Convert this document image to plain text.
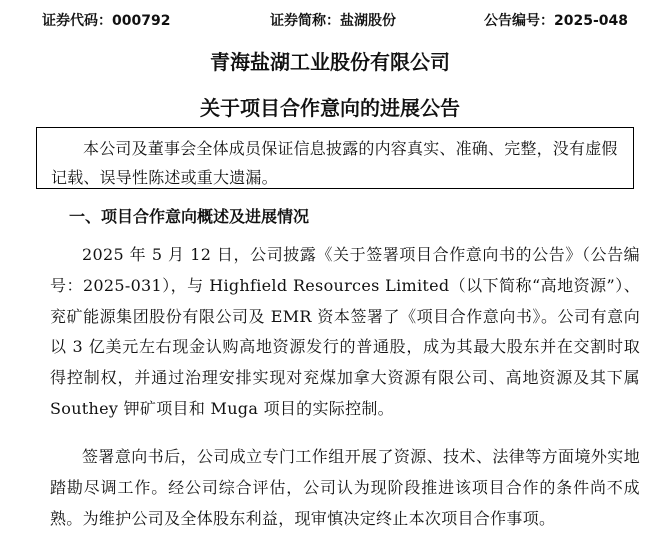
证券代码：000792	证券简称：盐湖股份	公告编号：2025-048
青海盐湖工业股份有限公司
关于项目合作意向的进展公告
本公司及董事会全体成员保证信息披露的内容真实、准确、完整，没有虚假记载、误导性陈述或重大遗漏。
一、项目合作意向概述及进展情况
2025 年 5 月 12 日，公司披露《关于签署项目合作意向书的公告》（公告编号：2025-031），与 Highfield Resources Limited（以下简称“高地资源”）、兖矿能源集团股份有限公司及 EMR 资本签署了《项目合作意向书》。公司有意向以 3 亿美元左右现金认购高地资源发行的普通股，成为其最大股东并在交割时取得控制权，并通过治理安排实现对兖煤加拿大资源有限公司、高地资源及其下属 Southey 钾矿项目和 Muga 项目的实际控制。
签署意向书后，公司成立专门工作组开展了资源、技术、法律等方面境外实地踏勘尽调工作。经公司综合评估，公司认为现阶段推进该项目合作的条件尚不成熟。为维护公司及全体股东利益，现审慎决定终止本次项目合作事项。
